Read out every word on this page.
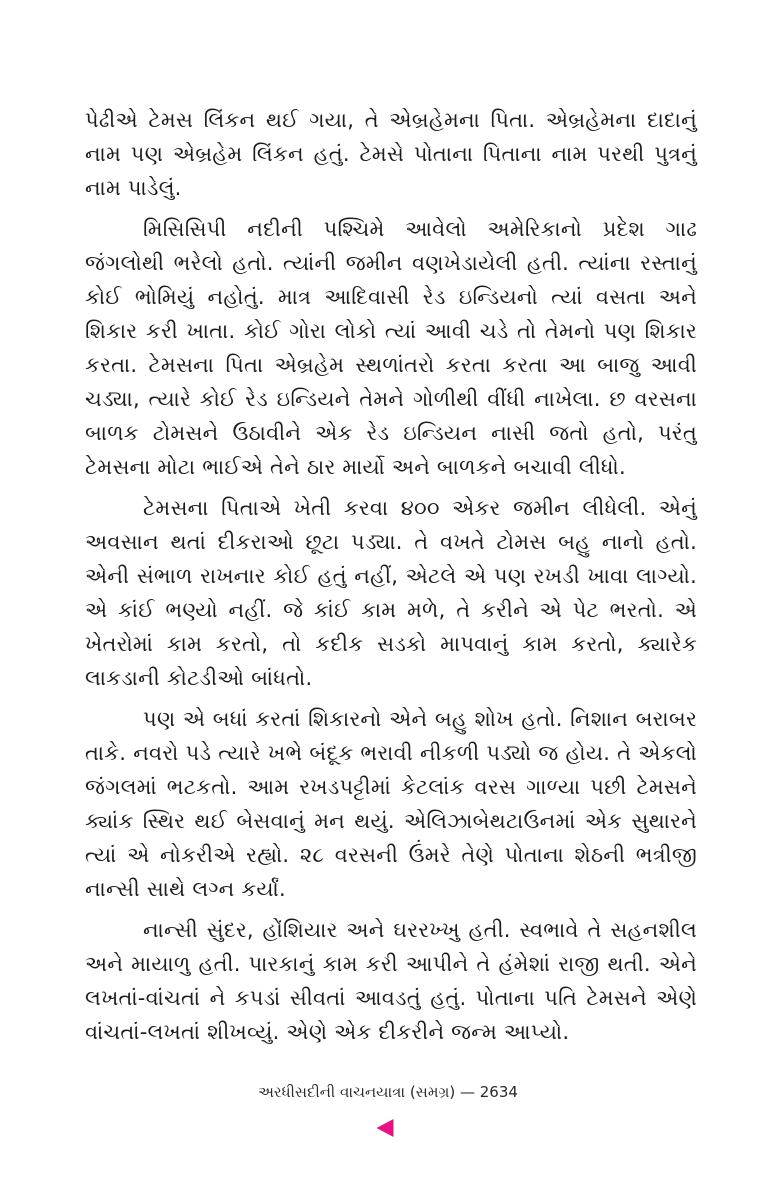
પેઢીએ ટેમસ લિંકન થઈ ગયા, તે એબ્રહેમના પિતા. એબ્રહેમના દાદાનું નામ પણ એબ્રહેમ લિંકન હતું. ટેમસે પોતાના પિતાના નામ પરથી પુત્રનું નામ પાડેલું.

મિસિસિપી નદીની પશ્ચિમે આવેલો અમેરિકાનો પ્રદેશ ગાઢ જંગલોથી ભરેલો હતો. ત્યાંની જમીન વણખેડાયેલી હતી. ત્યાંના રસ્તાનું કોઈ ભોમિયું નહોતું. માત્ર આદિવાસી રેડ ઇન્ડિયનો ત્યાં વસતા અને શિકાર કરી ખાતા. કોઈ ગોરા લોકો ત્યાં આવી ચડે તો તેમનો પણ શિકાર કરતા. ટેમસના પિતા એબ્રહેમ સ્થળાંતરો કરતા કરતા આ બાજુ આવી ચડ્યા, ત્યારે કોઈ રેડ ઇન્ડિયને તેમને ગોળીથી વીંધી નાખેલા. છ વરસના બાળક ટોમસને ઉઠાવીને એક રેડ ઇન્ડિયન નાસી જતો હતો, પરંતુ ટેમસના મોટા ભાઈએ તેને ઠાર માર્યો અને બાળકને બચાવી લીધો.

ટેમસના પિતાએ ખેતી કરવા ૪૦૦ એકર જમીન લીધેલી. એનું અવસાન થતાં દીકરાઓ છૂટા પડ્યા. તે વખતે ટોમસ બહુ નાનો હતો. એની સંભાળ રાખનાર કોઈ હતું નહીં, એટલે એ પણ રખડી ખાવા લાગ્યો. એ કાંઈ ભણ્યો નહીં. જે કાંઈ કામ મળે, તે કરીને એ પેટ ભરતો. એ ખેતરોમાં કામ કરતો, તો કદીક સડકો માપવાનું કામ કરતો, ક્યારેક લાકડાની કોટડીઓ બાંધતો.

પણ એ બધાં કરતાં શિકારનો એને બહુ શોખ હતો. નિશાન બરાબર તાકે. નવરો પડે ત્યારે ખભે બંદૂક ભરાવી નીકળી પડ્યો જ હોય. તે એકલો જંગલમાં ભટકતો. આમ રખડપટ્ટીમાં કેટલાંક વરસ ગાળ્યા પછી ટેમસને ક્યાંક સ્થિર થઈ બેસવાનું મન થયું. એલિઝાબેથટાઉનમાં એક સુથારને ત્યાં એ નોકરીએ રહ્યો. ૨૮ વરસની ઉંમરે તેણે પોતાના શેઠની ભત્રીજી નાન્સી સાથે લગ્ન કર્યાં.

નાન્સી સુંદર, હોંશિયાર અને ઘરરખ્ખુ હતી. સ્વભાવે તે સહનશીલ અને માયાળુ હતી. પારકાનું કામ કરી આપીને તે હંમેશાં રાજી થતી. એને લખતાં-વાંચતાં ને કપડાં સીવતાં આવડતું હતું. પોતાના પતિ ટેમસને એણે વાંચતાં-લખતાં શીખવ્યું. એણે એક દીકરીને જન્મ આપ્યો.

અરધીસદીની વાચનયાત્રા (સમગ્ર) — 2634
